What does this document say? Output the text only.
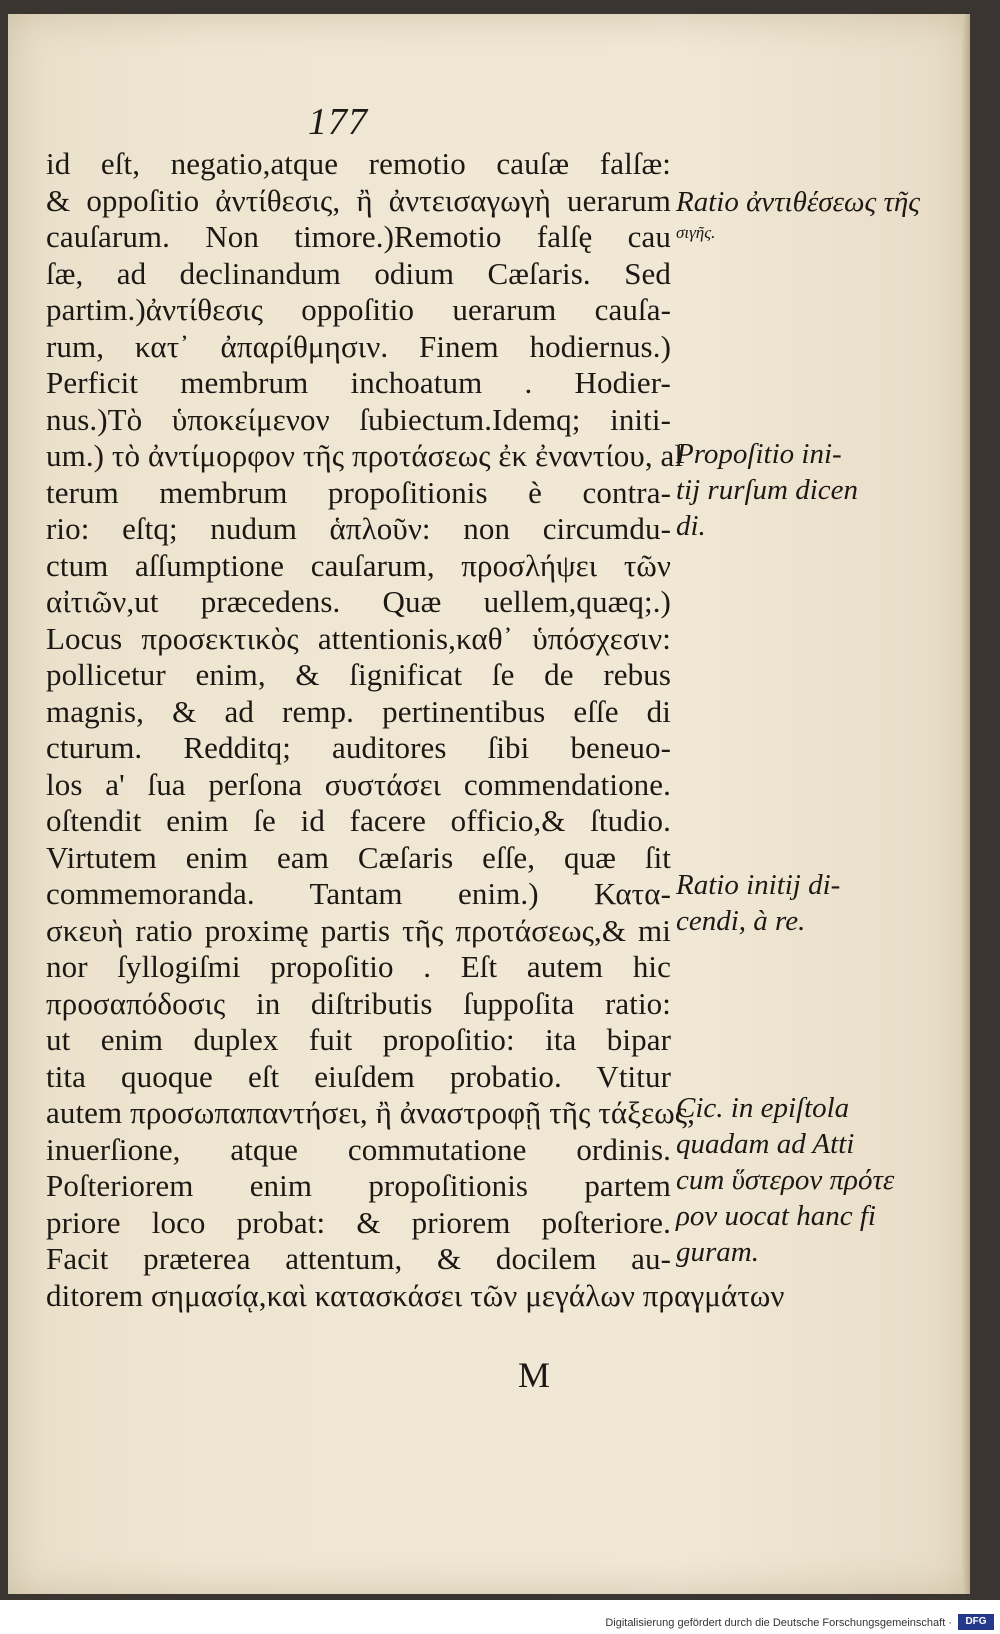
177
id eſt, negatio,atque remotio cauſæ falſæ:
& oppoſitio ἀντίθεσις, ἢ ἀντεισαγωγὴ uerarum
cauſarum. Non timore.)Remotio falſę cau
ſæ, ad declinandum odium Cæſaris. Sed
partim.)ἀντίθεσις oppoſitio uerarum cauſa-
rum, κατ᾽ ἀπαρίθμησιν. Finem hodiernus.)
Perficit membrum inchoatum . Hodier-
nus.)Τὸ ὑποκείμενον ſubiectum.Idemq; initi-
um.) τὸ ἀντίμορφον τῆς προτάσεως ἐκ ἐναντίου, al
terum membrum propoſitionis è contra-
rio: eſtq; nudum ἁπλοῦν: non circumdu-
ctum aſſumptione cauſarum, προσλήψει τῶν
αἰτιῶν,ut præcedens. Quæ uellem,quæq;.)
Locus προσεκτικὸς attentionis,καθ᾽ ὑπόσχεσιν:
pollicetur enim, & ſignificat ſe de rebus
magnis, & ad remp. pertinentibus eſſe di
cturum. Redditq; auditores ſibi beneuo-
los a' ſua perſona συστάσει commendatione.
oſtendit enim ſe id facere officio,& ſtudio.
Virtutem enim eam Cæſaris eſſe, quæ ſit
commemoranda. Tantam enim.) Κατα-
σκευὴ ratio proximę partis τῆς προτάσεως,& mi
nor ſyllogiſmi propoſitio . Eſt autem hic
προσαπόδοσις in diſtributis ſuppoſita ratio:
ut enim duplex fuit propoſitio: ita bipar
tita quoque eſt eiuſdem probatio. Vtitur
autem προσωπαπαντήσει, ἢ ἀναστροφῇ τῆς τάξεως,
inuerſione, atque commutatione ordinis.
Poſteriorem enim propoſitionis partem
priore loco probat: & priorem poſteriore.
Facit præterea attentum, & docilem au-
ditorem σημασίᾳ,καὶ κατασκάσει τῶν μεγάλων πραγμάτων
Ratio ἀντιθέσεως τῆς
σιγῆς.
Propoſitio ini-
tij rurſum dicen
di.
Ratio initij di-
cendi, à re.
Cic. in epiſtola
quadam ad Atti
cum ὕστερον πρότε
ρον uocat hanc fi
guram.
M
Digitalisierung gefördert durch die Deutsche Forschungsgemeinschaft ·	DFG
